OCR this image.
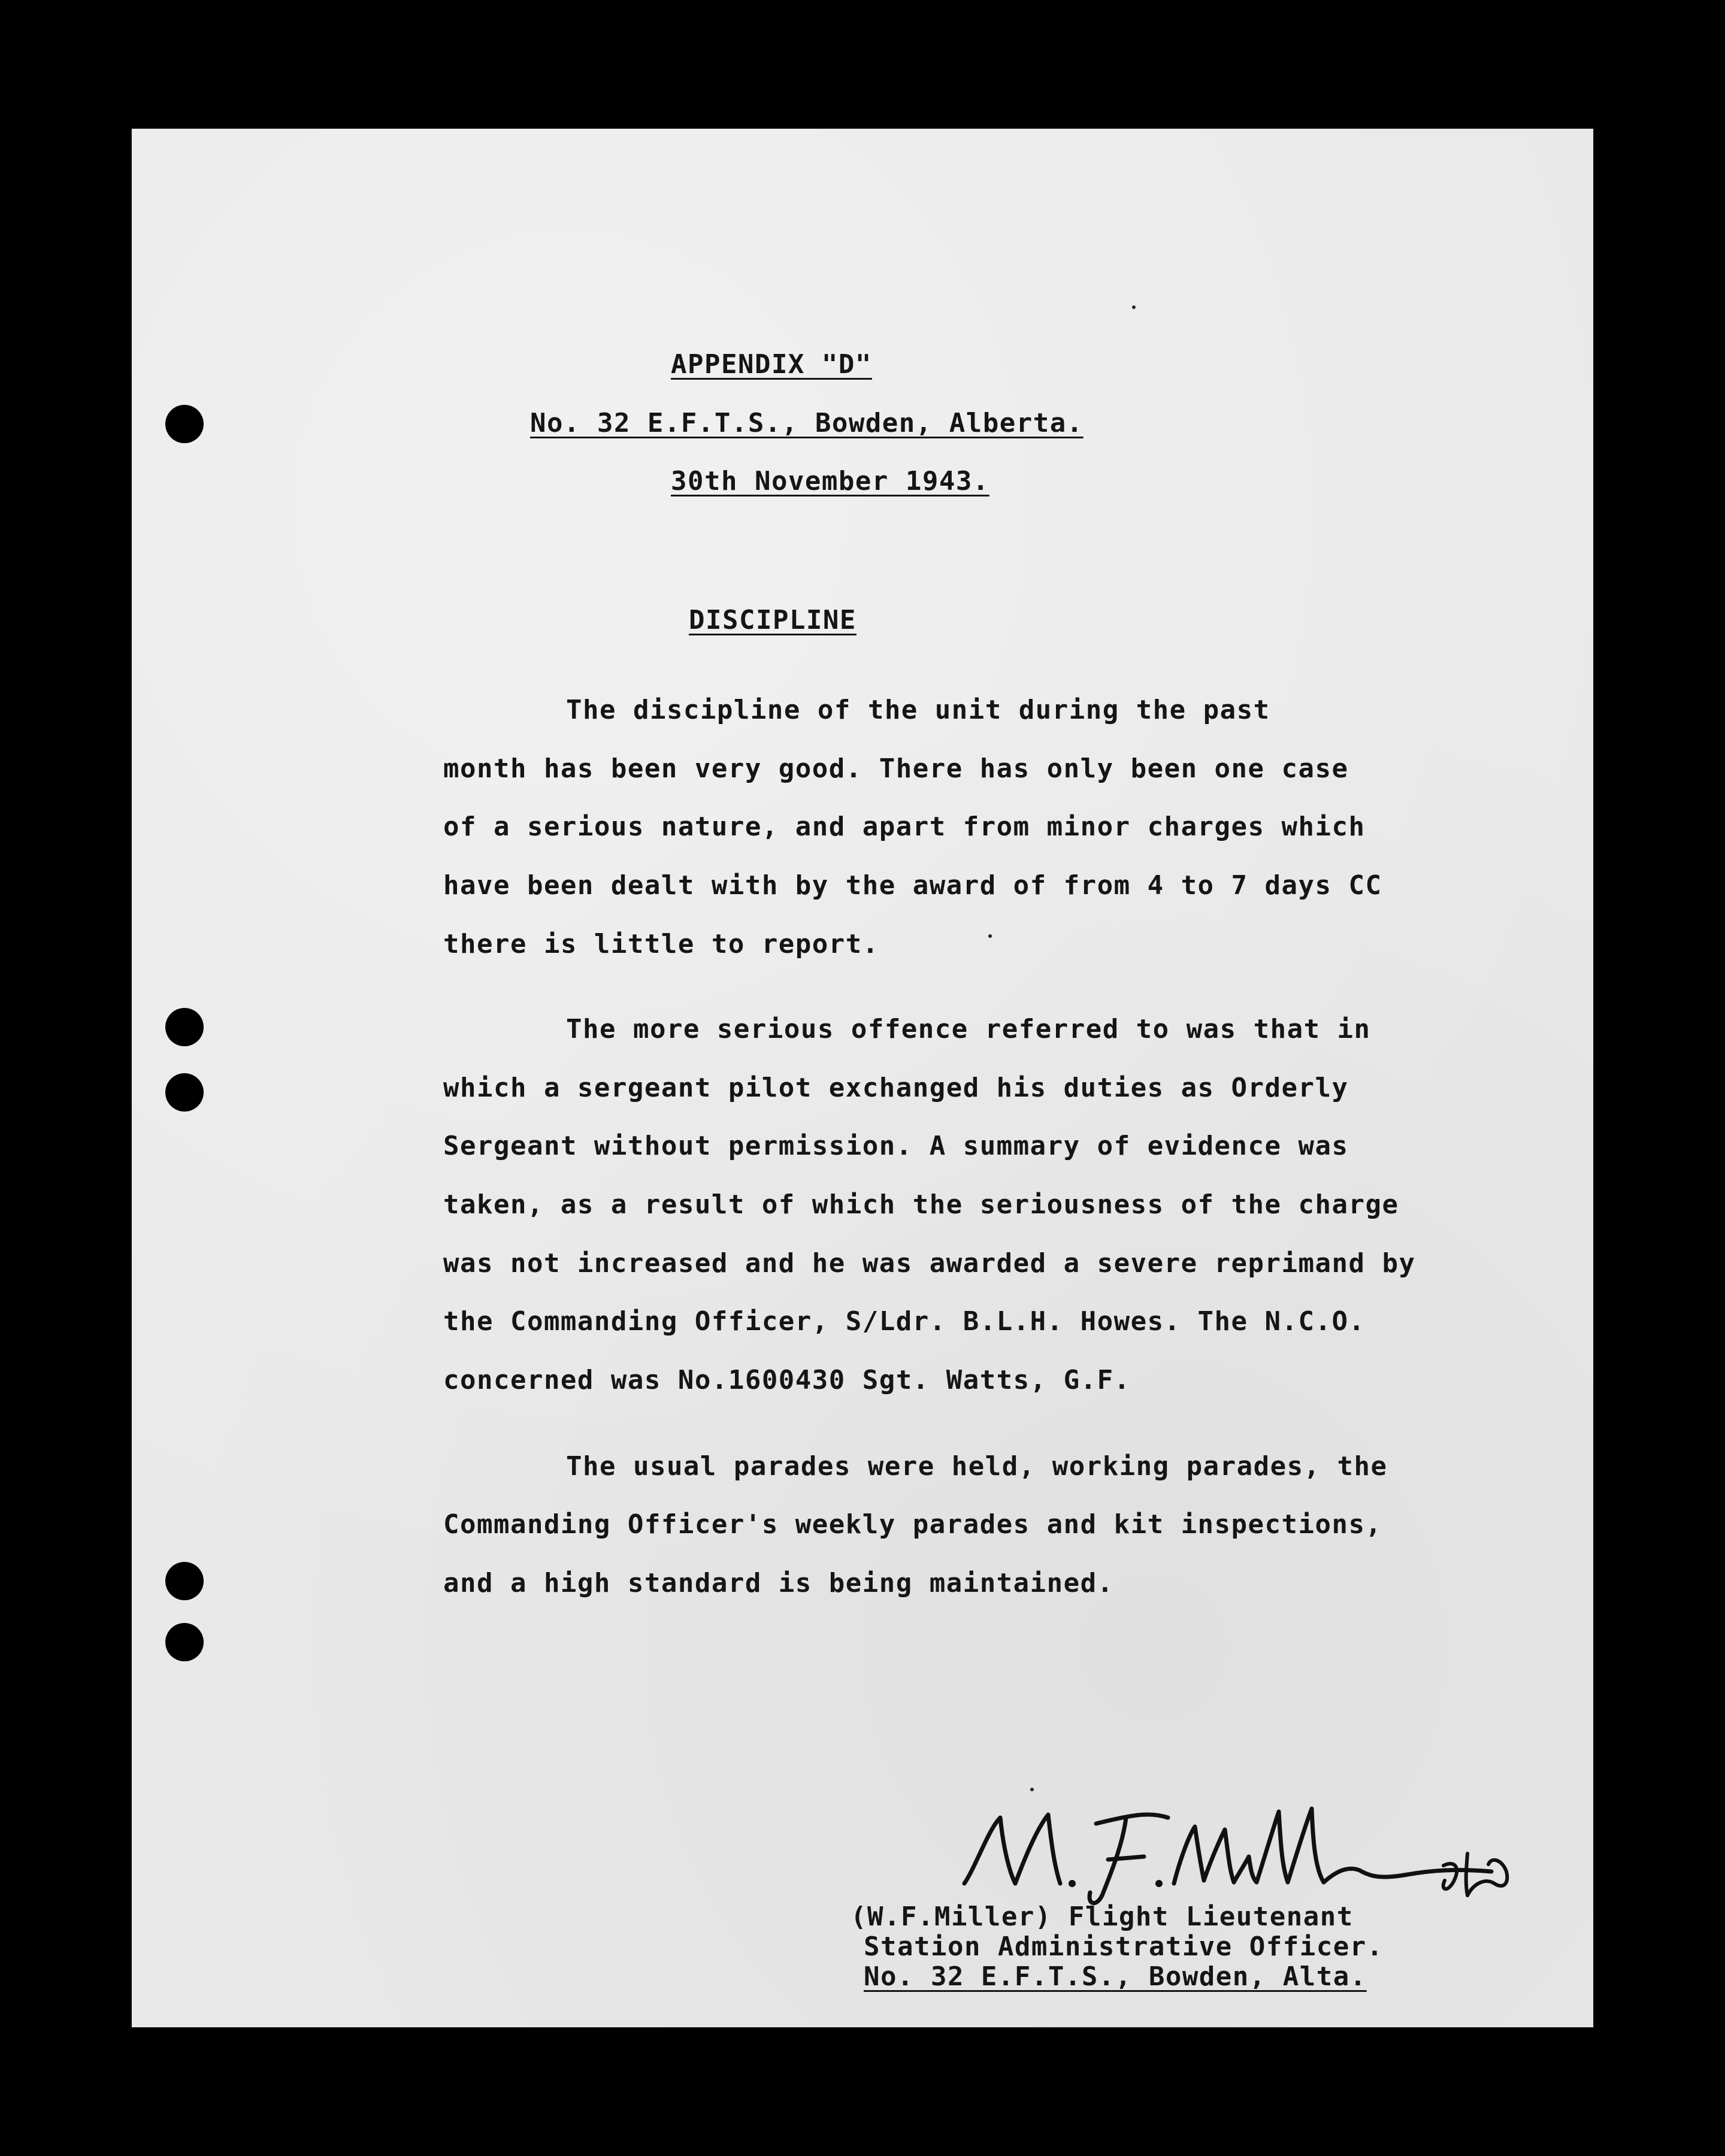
APPENDIX "D"
No. 32 E.F.T.S., Bowden, Alberta.
30th November 1943.
DISCIPLINE
The discipline of the unit during the past
month has been very good. There has only been one case
of a serious nature, and apart from minor charges which
have been dealt with by the award of from 4 to 7 days CC
there is little to report.
The more serious offence referred to was that in
which a sergeant pilot exchanged his duties as Orderly
Sergeant without permission. A summary of evidence was
taken, as a result of which the seriousness of the charge
was not increased and he was awarded a severe reprimand by
the Commanding Officer, S/Ldr. B.L.H. Howes. The N.C.O.
concerned was No.1600430 Sgt. Watts, G.F.
The usual parades were held, working parades, the
Commanding Officer's weekly parades and kit inspections,
and a high standard is being maintained.
(W.F.Miller) Flight Lieutenant
Station Administrative Officer.
No. 32 E.F.T.S., Bowden, Alta.
